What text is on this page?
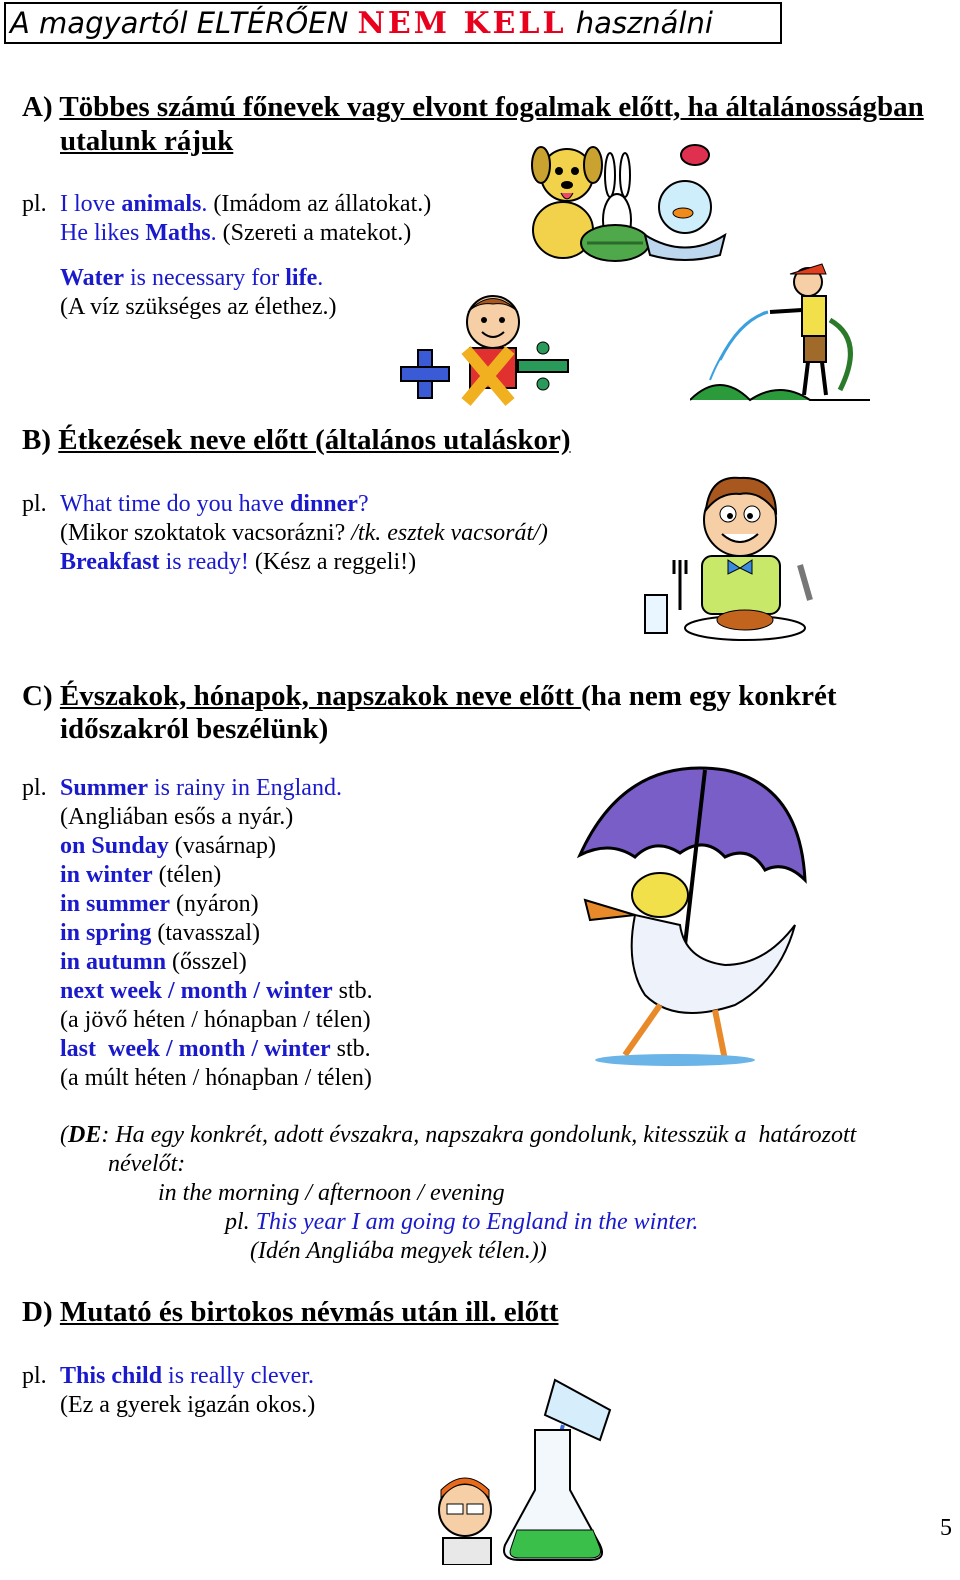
A magyartól ELTÉRŐEN NEM KELL használni
A) Többes számú főnevek vagy elvont fogalmak előtt, ha általánosságban
utalunk rájuk
pl. I love animals. (Imádom az állatokat.)
He likes Maths. (Szereti a matekot.)
Water is necessary for life.
(A víz szükséges az élethez.)
B) Étkezések neve előtt (általános utaláskor)
pl. What time do you have dinner?
(Mikor szoktatok vacsorázni? /tk. esztek vacsorát/)
Breakfast is ready! (Kész a reggeli!)
C) Évszakok, hónapok, napszakok neve előtt (ha nem egy konkrét
időszakról beszélünk)
pl. Summer is rainy in England.
(Angliában esős a nyár.)
on Sunday (vasárnap)
in winter (télen)
in summer (nyáron)
in spring (tavasszal)
in autumn (ősszel)
next week / month / winter stb.
(a jövő héten / hónapban / télen)
last  week / month / winter stb.
(a múlt héten / hónapban / télen)
(DE: Ha egy konkrét, adott évszakra, napszakra gondolunk, kitesszük a  határozott
névelőt:
in the morning / afternoon / evening
pl. This year I am going to England in the winter.
(Idén Angliába megyek télen.))
D) Mutató és birtokos névmás után ill. előtt
pl. This child is really clever.
(Ez a gyerek igazán okos.)
5
